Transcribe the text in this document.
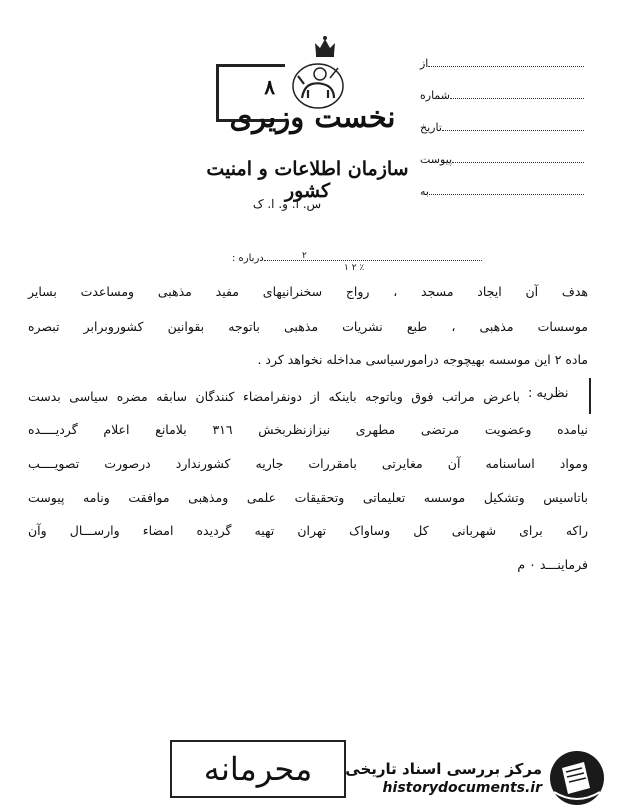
از
شماره
تاریخ
پیوست
به
٨
نخست وزیری
سازمان اطلاعات و امنیت کشور
س. ا. و. ا. ک
درباره :	۲
٪ ٢ ١
هدف آن ایجاد مسجد ، رواج سخنرانیهای مفید مذهبی ومساعدت بسایر
موسسات مذهبی ، طبع نشریات مذهبی باتوجه بقوانین کشوروبرابر تبصره
ماده ۲ این موسسه بهیچوجه درامورسیاسی مداخله نخواهد کرد .
نظریه :
باعرض مراتب فوق وباتوجه باینکه از دونفرامضاء کنندگان سابقه مضره سیاسی بدست
نیامده وعضویت مرتضی مطهری نیزازنظربخش ۳۱٦ بلامانع اعلام گردیــــده
ومواد اساسنامه آن مغایرتی بامقررات جاریه کشورندارد درصورت تصویــــب
باتاسیس وتشکیل موسسه تعلیماتی وتحقیقات علمی ومذهبی موافقت ونامه پیوست
راکه برای شهربانی کل وساواک تهران تهیه گردیده امضاء وارســـال وآن
فرماینـــد ۰ م
محرمانه	مرکز بررسی اسناد تاریخی
historydocuments.ir
